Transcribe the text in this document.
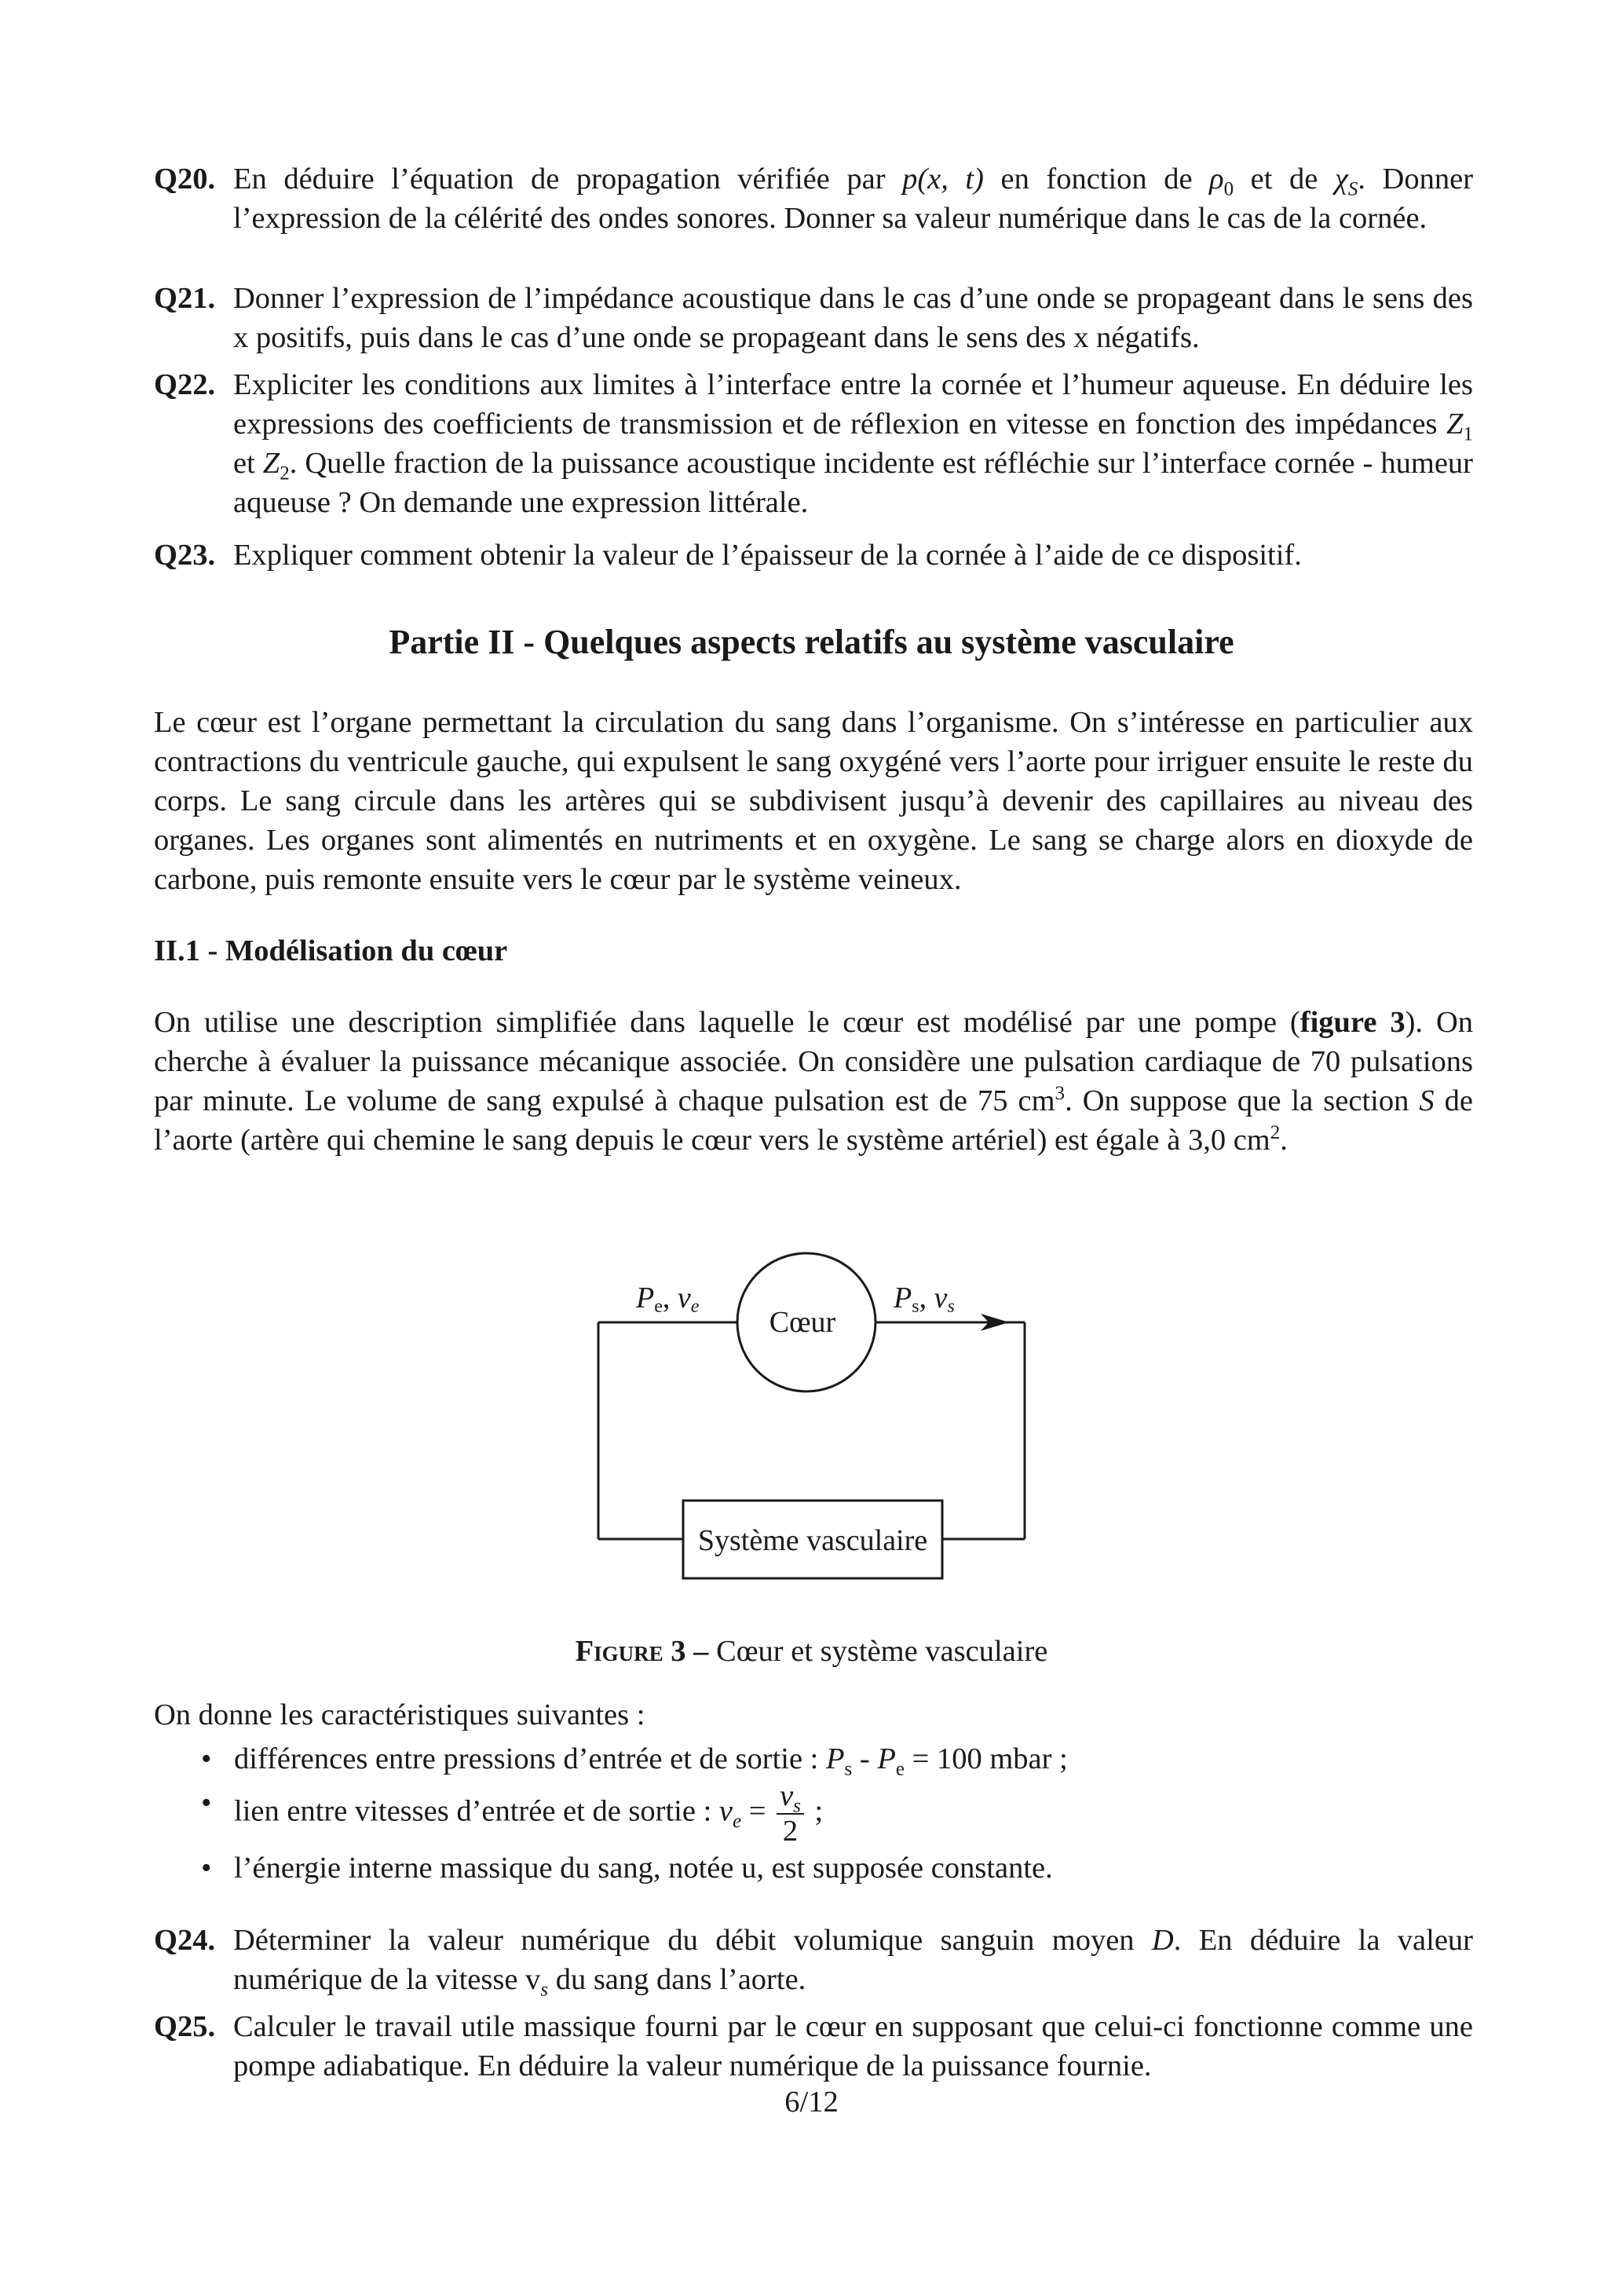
Q20. En déduire l’équation de propagation vérifiée par p(x, t) en fonction de $\rho_0$ et de $\chi_S$. Donner l’expression de la célérité des ondes sonores. Donner sa valeur numérique dans le cas de la cornée.
Q21. Donner l’expression de l’impédance acoustique dans le cas d’une onde se propageant dans le sens des x positifs, puis dans le cas d’une onde se propageant dans le sens des x négatifs.
Q22. Expliciter les conditions aux limites à l’interface entre la cornée et l’humeur aqueuse. En déduire les expressions des coefficients de transmission et de réflexion en vitesse en fonction des impédances $Z_1$ et $Z_2$. Quelle fraction de la puissance acoustique incidente est réfléchie sur l’interface cornée - humeur aqueuse ? On demande une expression littérale.
Q23. Expliquer comment obtenir la valeur de l’épaisseur de la cornée à l’aide de ce dispositif.
Partie II - Quelques aspects relatifs au système vasculaire

Le cœur est l’organe permettant la circulation du sang dans l’organisme. On s’intéresse en particulier aux contractions du ventricule gauche, qui expulsent le sang oxygéné vers l’aorte pour irriguer ensuite le reste du corps. Le sang circule dans les artères qui se subdivisent jusqu’à devenir des capillaires au niveau des organes. Les organes sont alimentés en nutriments et en oxygène. Le sang se charge alors en dioxyde de carbone, puis remonte ensuite vers le cœur par le système veineux.

II.1 - Modélisation du cœur

On utilise une description simplifiée dans laquelle le cœur est modélisé par une pompe (figure 3). On cherche à évaluer la puissance mécanique associée. On considère une pulsation cardiaque de 70 pulsations par minute. Le volume de sang expulsé à chaque pulsation est de 75 $cm^3$. On suppose que la section S de l’aorte (artère qui chemine le sang depuis le cœur vers le système artériel) est égale à 3,0 $cm^2$.

Cœur
Système vasculaire
Pe, ve	Ps, vs
Figure 3 – Cœur et système vasculaire
On donne les caractéristiques suivantes :
• différences entre pressions d’entrée et de sortie : $P_s - P_e = 100$ mbar ;
• lien entre vitesses d’entrée et de sortie : $v_e = \frac{v_s}{2}$ ;
• l’énergie interne massique du sang, notée u, est supposée constante.
Q24. Déterminer la valeur numérique du débit volumique sanguin moyen D. En déduire la valeur numérique de la vitesse $v_s$ du sang dans l’aorte.
Q25. Calculer le travail utile massique fourni par le cœur en supposant que celui-ci fonctionne comme une pompe adiabatique. En déduire la valeur numérique de la puissance fournie.
6/12
